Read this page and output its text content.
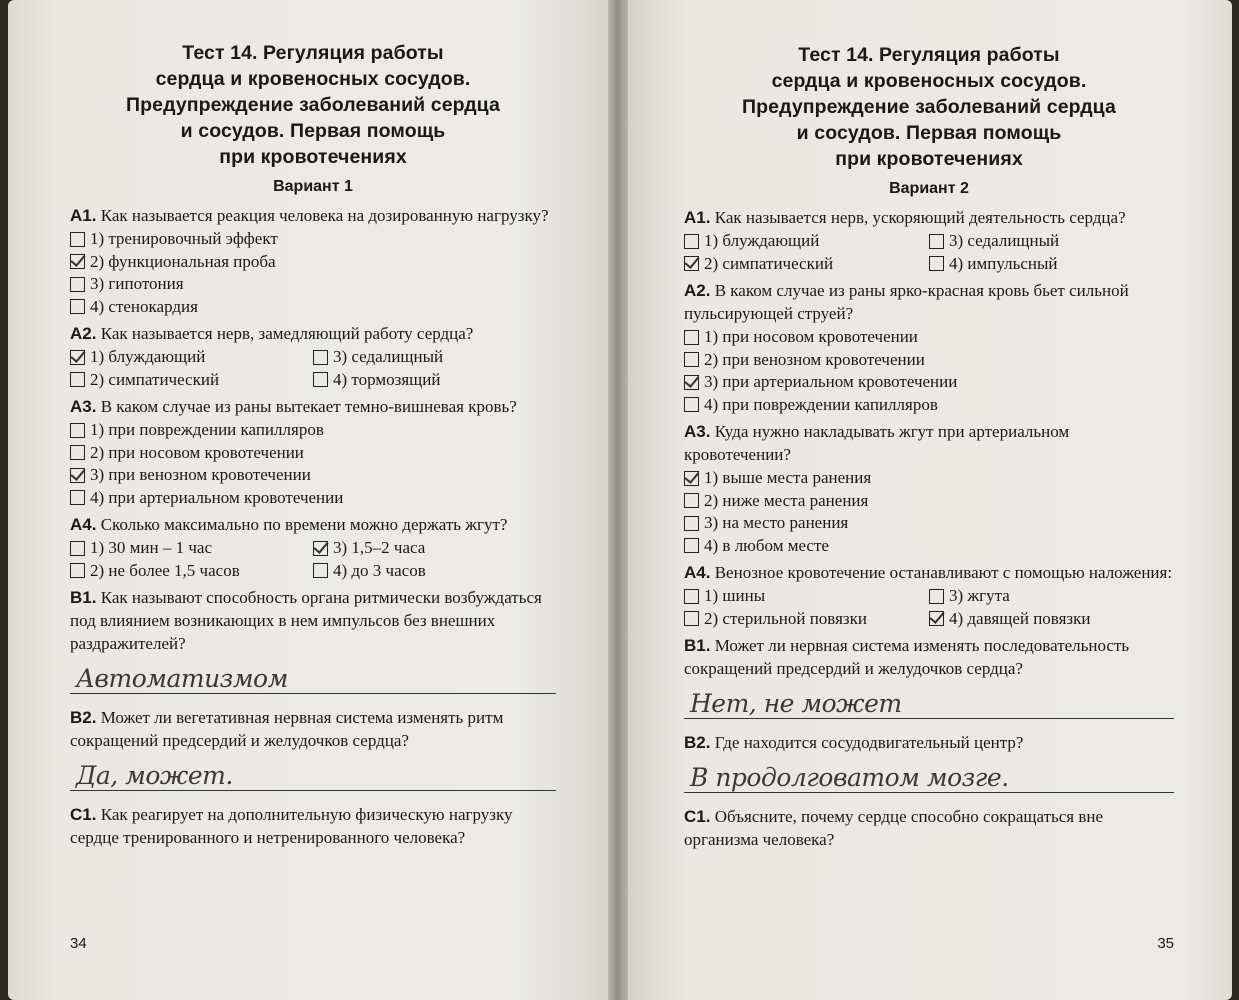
Тест 14. Регуляция работы
сердца и кровеносных сосудов.
Предупреждение заболеваний сердца
и сосудов. Первая помощь
при кровотечениях
Вариант 1

А1. Как называется реакция человека на дозированную нагрузку?

1) тренировочный эффект
2) функциональная проба
3) гипотония
4) стенокардия

А2. Как называется нерв, замедляющий работу сердца?

1) блуждающий	3) седалищный
2) симпатический	4) тормозящий

А3. В каком случае из раны вытекает темно-вишневая кровь?

1) при повреждении капилляров
2) при носовом кровотечении
3) при венозном кровотечении
4) при артериальном кровотечении

А4. Сколько максимально по времени можно держать жгут?

1) 30 мин – 1 час	3) 1,5–2 часа
2) не более 1,5 часов	4) до 3 часов

В1. Как называют способность органа ритмически возбуждаться под влиянием возникающих в нем импульсов без внешних раздражителей?

Автоматизмом

В2. Может ли вегетативная нервная система изменять ритм сокращений предсердий и желудочков сердца?

Да, может.

С1. Как реагирует на дополнительную физическую нагрузку сердце тренированного и нетренированного человека?

34
Тест 14. Регуляция работы
сердца и кровеносных сосудов.
Предупреждение заболеваний сердца
и сосудов. Первая помощь
при кровотечениях
Вариант 2

А1. Как называется нерв, ускоряющий деятельность сердца?

1) блуждающий	3) седалищный
2) симпатический	4) импульсный

А2. В каком случае из раны ярко-красная кровь бьет сильной пульсирующей струей?

1) при носовом кровотечении
2) при венозном кровотечении
3) при артериальном кровотечении
4) при повреждении капилляров

А3. Куда нужно накладывать жгут при артериальном кровотечении?

1) выше места ранения
2) ниже места ранения
3) на место ранения
4) в любом месте

А4. Венозное кровотечение останавливают с помощью наложения:

1) шины	3) жгута
2) стерильной повязки	4) давящей повязки

В1. Может ли нервная система изменять последовательность сокращений предсердий и желудочков сердца?

Нет, не может

В2. Где находится сосудодвигательный центр?

В продолговатом мозге.

С1. Объясните, почему сердце способно сокращаться вне организма человека?

35
